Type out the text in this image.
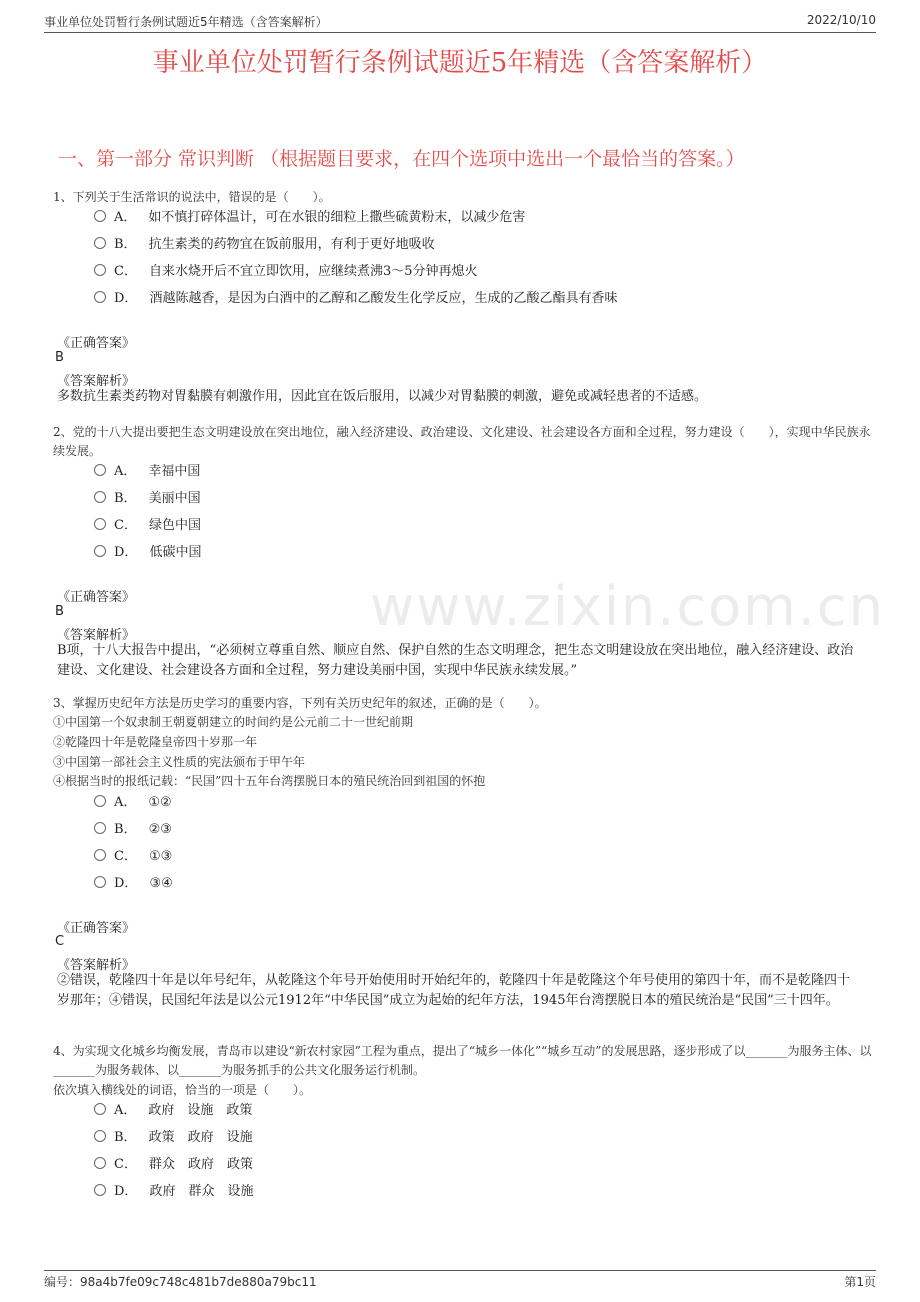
事业单位处罚暂行条例试题近5年精选（含答案解析）	2022/10/10
www.zixin.com.cn
事业单位处罚暂行条例试题近5年精选（含答案解析）
一、第一部分 常识判断 （根据题目要求，在四个选项中选出一个最恰当的答案。）
1、下列关于生活常识的说法中，错误的是（　　）。
A． 如不慎打碎体温计，可在水银的细粒上撒些硫黄粉末，以减少危害
B． 抗生素类的药物宜在饭前服用，有利于更好地吸收
C． 自来水烧开后不宜立即饮用，应继续煮沸3～5分钟再熄火
D． 酒越陈越香，是因为白酒中的乙醇和乙酸发生化学反应，生成的乙酸乙酯具有香味
《正确答案》
B
《答案解析》
多数抗生素类药物对胃黏膜有刺激作用，因此宜在饭后服用，以减少对胃黏膜的刺激，避免或减轻患者的不适感。
2、党的十八大提出要把生态文明建设放在突出地位，融入经济建设、政治建设、文化建设、社会建设各方面和全过程，努力建设（　　），实现中华民族永续发展。
A． 幸福中国
B． 美丽中国
C． 绿色中国
D． 低碳中国
《正确答案》
B
《答案解析》
B项，十八大报告中提出，“必须树立尊重自然、顺应自然、保护自然的生态文明理念，把生态文明建设放在突出地位，融入经济建设、政治建设、文化建设、社会建设各方面和全过程，努力建设美丽中国，实现中华民族永续发展。”
3、掌握历史纪年方法是历史学习的重要内容，下列有关历史纪年的叙述，正确的是（　　）。
①中国第一个奴隶制王朝夏朝建立的时间约是公元前二十一世纪前期
②乾隆四十年是乾隆皇帝四十岁那一年
③中国第一部社会主义性质的宪法颁布于甲午年
④根据当时的报纸记载：“民国”四十五年台湾摆脱日本的殖民统治回到祖国的怀抱
A． ①②
B． ②③
C． ①③
D． ③④
《正确答案》
C
《答案解析》
②错误，乾隆四十年是以年号纪年，从乾隆这个年号开始使用时开始纪年的，乾隆四十年是乾隆这个年号使用的第四十年，而不是乾隆四十岁那年；④错误，民国纪年法是以公元1912年“中华民国”成立为起始的纪年方法，1945年台湾摆脱日本的殖民统治是“民国”三十四年。
4、为实现文化城乡均衡发展，青岛市以建设“新农村家园”工程为重点，提出了“城乡一体化”“城乡互动”的发展思路，逐步形成了以_______为服务主体、以_______为服务载体、以_______为服务抓手的公共文化服务运行机制。
依次填入横线处的词语，恰当的一项是（　　）。
A． 政府　设施　政策
B． 政策　政府　设施
C． 群众　政府　政策
D． 政府　群众　设施
编号：98a4b7fe09c748c481b7de880a79bc11	第1页
